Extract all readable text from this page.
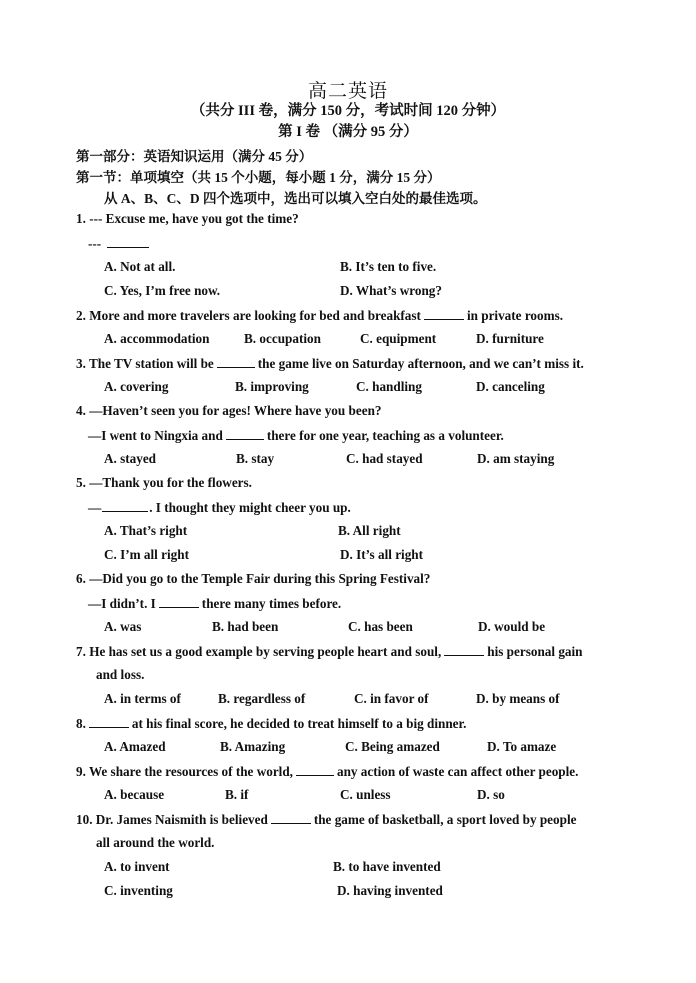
高二英语
（共分 III 卷，满分 150 分，考试时间 120 分钟）
第 I 卷 （满分 95 分）
第一部分：英语知识运用（满分 45 分）
第一节：单项填空（共 15 个小题，每小题 1 分，满分 15 分）
从 A、B、C、D 四个选项中，选出可以填入空白处的最佳选项。
1. --- Excuse me, have you got the time?
---
A. Not at all.	B. It’s ten to five.
C. Yes, I’m free now.	D. What’s wrong?
2. More and more travelers are looking for bed and breakfast	in private rooms.
A. accommodation	B. occupation	C. equipment	D. furniture
3. The TV station will be	the game live on Saturday afternoon, and we can’t miss it.
A. covering	B. improving	C. handling	D. canceling
4. —Haven’t seen you for ages! Where have you been?
—I went to Ningxia and	there for one year, teaching as a volunteer.
A. stayed	B. stay	C. had stayed	D. am staying
5. —Thank you for the flowers.
—	. I thought they might cheer you up.
A. That’s right	B. All right
C. I’m all right	D. It’s all right
6. —Did you go to the Temple Fair during this Spring Festival?
—I didn’t. I	there many times before.
A. was	B. had been	C. has been	D. would be
7. He has set us a good example by serving people heart and soul,	his personal gain
and loss.
A. in terms of	B. regardless of	C. in favor of	D. by means of
8.	at his final score, he decided to treat himself to a big dinner.
A. Amazed	B. Amazing	C. Being amazed	D. To amaze
9. We share the resources of the world,	any action of waste can affect other people.
A. because	B. if	C. unless	D. so
10. Dr. James Naismith is believed	the game of basketball, a sport loved by people
all around the world.
A. to invent	B. to have invented
C. inventing	D. having invented
